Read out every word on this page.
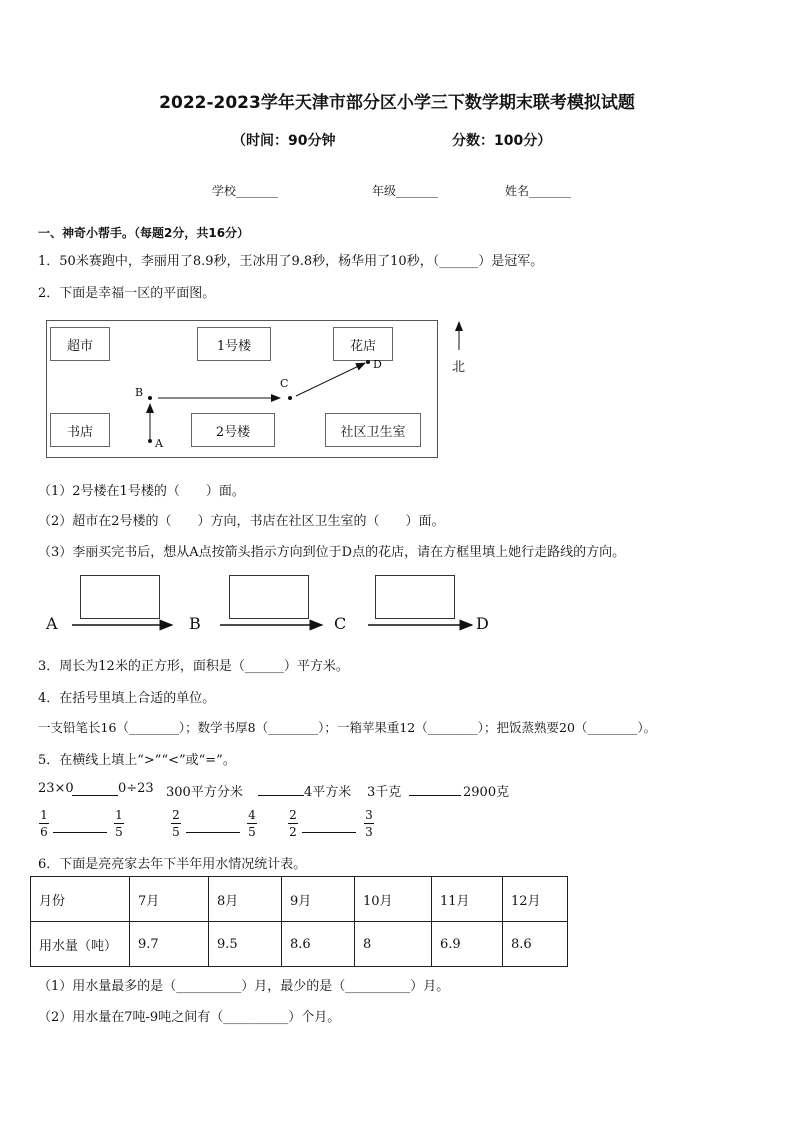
2022-2023学年天津市部分区小学三下数学期末联考模拟试题
（时间：90分钟	分数：100分）
学校_______	年级_______	姓名_______
一、神奇小帮手。（每题2分，共16分）
1．50米赛跑中，李丽用了8.9秒，王冰用了9.8秒，杨华用了10秒，（______）是冠军。
2．下面是幸福一区的平面图。
超市	1号楼	花店
书店	2号楼	社区卫生室
B
A
C
D	北
（1）2号楼在1号楼的（　　）面。
（2）超市在2号楼的（　　）方向，书店在社区卫生室的（　　）面。
（3）李丽买完书后，想从A点按箭头指示方向到位于D点的花店，请在方框里填上她行走路线的方向。
A	B	C	D
3．周长为12米的正方形，面积是（______）平方米。
4．在括号里填上合适的单位。
一支铅笔长16（________）；数学书厚8（________）；一箱苹果重12（________）；把饭蒸熟要20（________）。
5．在横线上填上“>”“<”或“=”。
23×0	0÷23 300平方分米	4平方米 3千克	2900克
1
6
1
5
2
5
4
5
2
2
3
3
6．下面是亮亮家去年下半年用水情况统计表。
月份	7月	8月	9月	10月	11月	12月
用水量（吨）	9.7	9.5	8.6	8	6.9	8.6
（1）用水量最多的是（__________）月，最少的是（__________）月。
（2）用水量在7吨-9吨之间有（__________）个月。
